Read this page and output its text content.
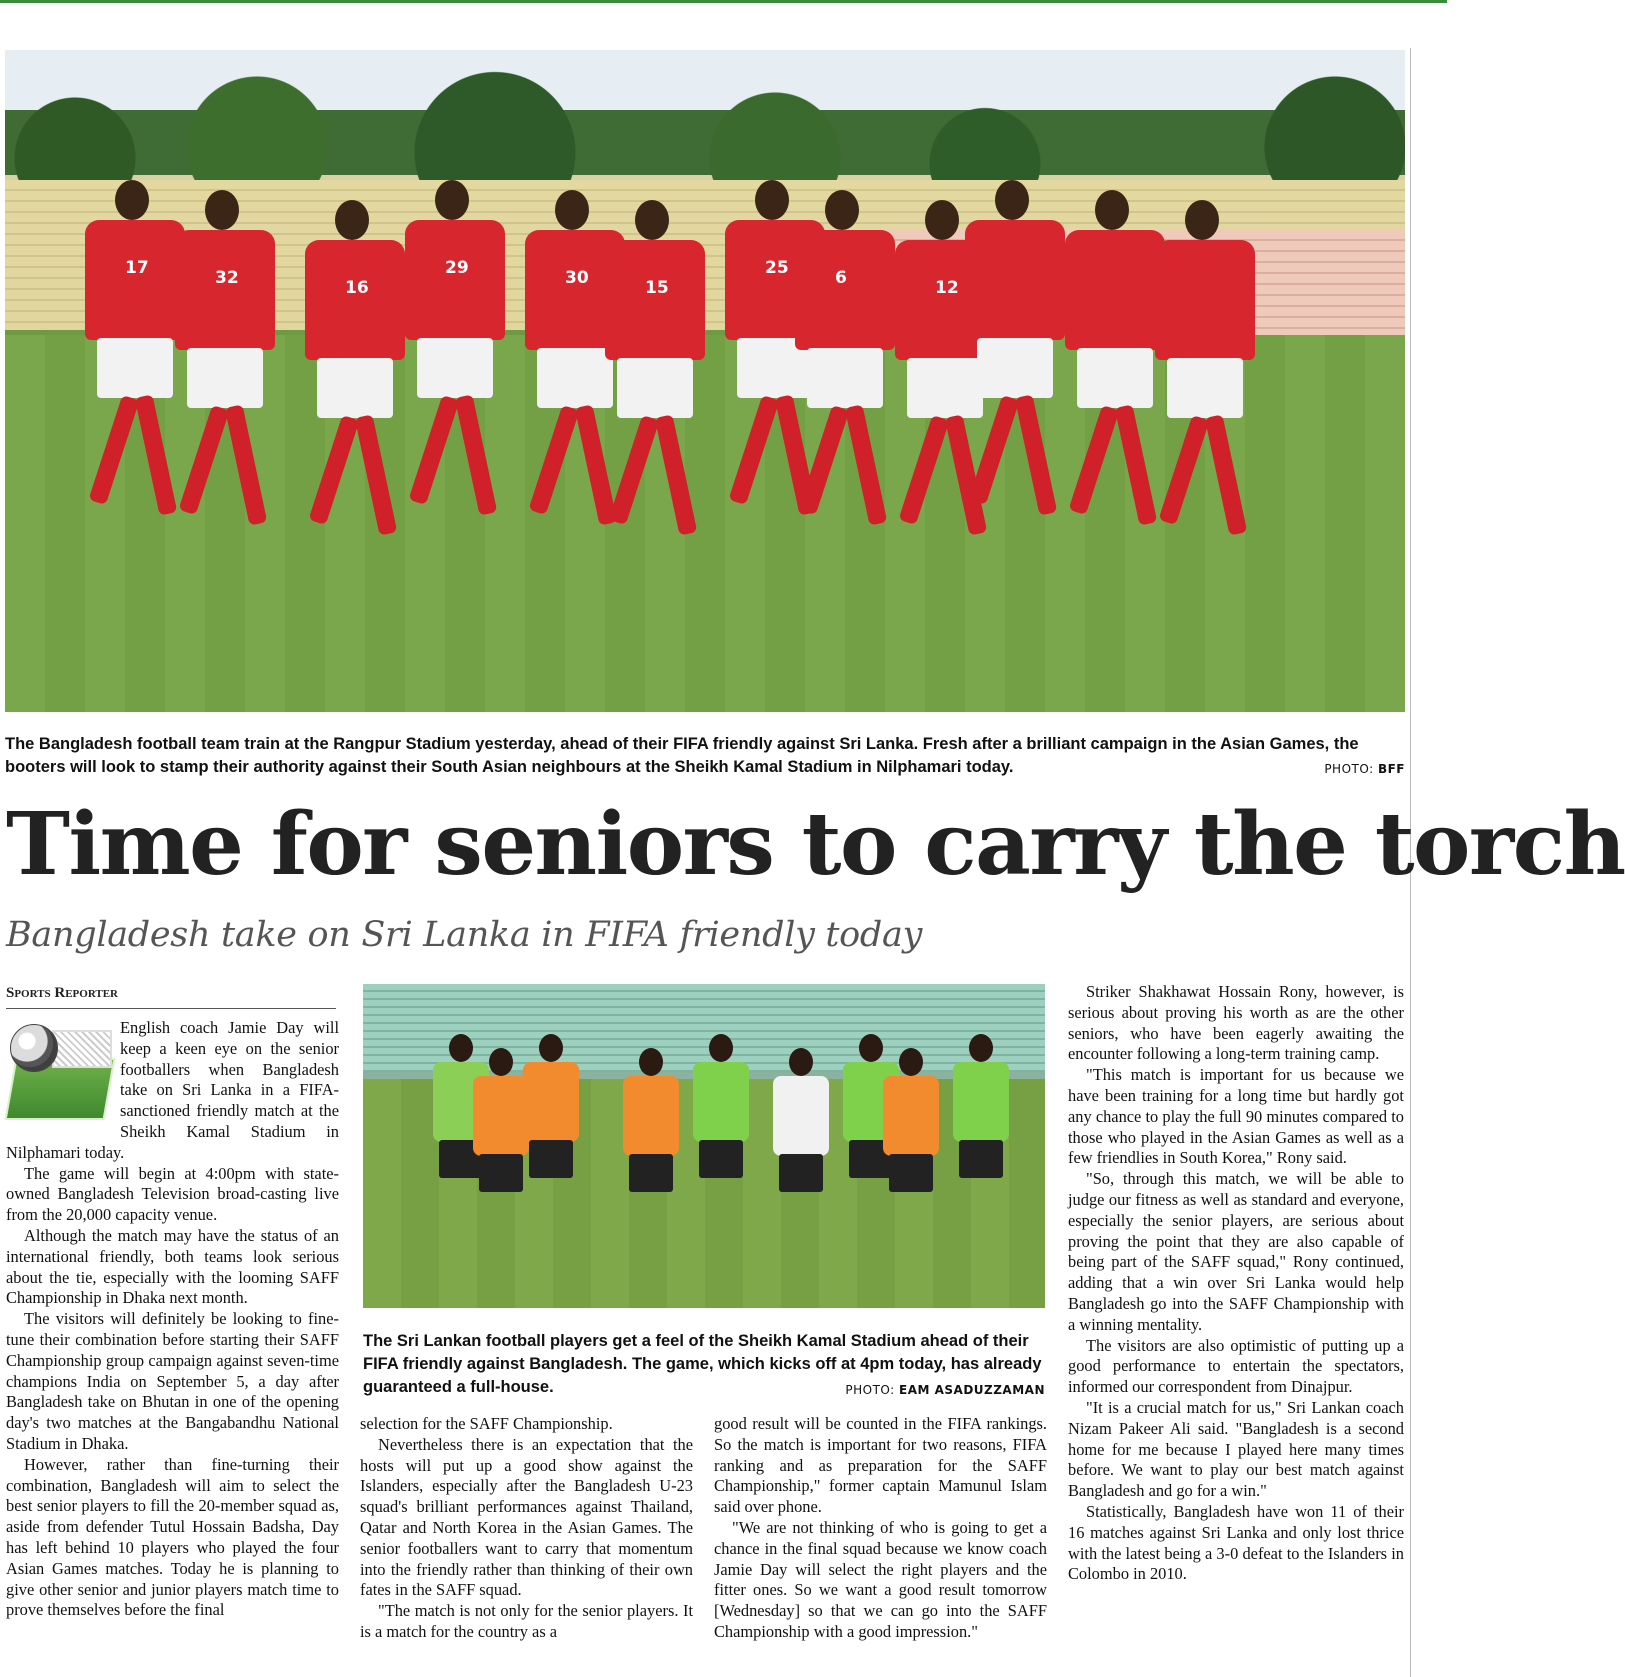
17	32	16
29	30	15
25	6	12
The Bangladesh football team train at the Rangpur Stadium yesterday, ahead of their FIFA friendly against Sri Lanka. Fresh after a brilliant campaign in the Asian Games, the booters will look to stamp their authority against their South Asian neighbours at the Sheikh Kamal Stadium in Nilphamari today.	PHOTO: BFF
Time for seniors to carry the torch
Bangladesh take on Sri Lanka in FIFA friendly today
Sports Reporter

English coach Jamie Day will keep a keen eye on the senior footballers when Bangladesh take on Sri Lanka in a FIFA-sanctioned friendly match at the Sheikh Kamal Stadium in Nilphamari today.

The game will begin at 4:00pm with state-owned Bangladesh Television broad-casting live from the 20,000 capacity venue.

Although the match may have the status of an international friendly, both teams look serious about the tie, especially with the looming SAFF Championship in Dhaka next month.

The visitors will definitely be looking to fine-tune their combination before starting their SAFF Championship group campaign against seven-time champions India on September 5, a day after Bangladesh take on Bhutan in one of the opening day's two matches at the Bangabandhu National Stadium in Dhaka.

However, rather than fine-turning their combination, Bangladesh will aim to select the best senior players to fill the 20-member squad as, aside from defender Tutul Hossain Badsha, Day has left behind 10 players who played the four Asian Games matches. Today he is planning to give other senior and junior players match time to prove themselves before the final

The Sri Lankan football players get a feel of the Sheikh Kamal Stadium ahead of their FIFA friendly against Bangladesh. The game, which kicks off at 4pm today, has already guaranteed a full-house.	PHOTO: EAM ASADUZZAMAN

selection for the SAFF Championship.

Nevertheless there is an expectation that the hosts will put up a good show against the Islanders, especially after the Bangladesh U-23 squad's brilliant performances against Thailand, Qatar and North Korea in the Asian Games. The senior footballers want to carry that momentum into the friendly rather than thinking of their own fates in the SAFF squad.

"The match is not only for the senior players. It is a match for the country as a

good result will be counted in the FIFA rankings. So the match is important for two reasons, FIFA ranking and as preparation for the SAFF Championship," former captain Mamunul Islam said over phone.

"We are not thinking of who is going to get a chance in the final squad because we know coach Jamie Day will select the right players and the fitter ones. So we want a good result tomorrow [Wednesday] so that we can go into the SAFF Championship with a good impression."

Striker Shakhawat Hossain Rony, however, is serious about proving his worth as are the other seniors, who have been eagerly awaiting the encounter following a long-term training camp.

"This match is important for us because we have been training for a long time but hardly got any chance to play the full 90 minutes compared to those who played in the Asian Games as well as a few friendlies in South Korea," Rony said.

"So, through this match, we will be able to judge our fitness as well as standard and everyone, especially the senior players, are serious about proving the point that they are also capable of being part of the SAFF squad," Rony continued, adding that a win over Sri Lanka would help Bangladesh go into the SAFF Championship with a winning mentality.

The visitors are also optimistic of putting up a good performance to entertain the spectators, informed our correspondent from Dinajpur.

"It is a crucial match for us," Sri Lankan coach Nizam Pakeer Ali said. "Bangladesh is a second home for me because I played here many times before. We want to play our best match against Bangladesh and go for a win."

Statistically, Bangladesh have won 11 of their 16 matches against Sri Lanka and only lost thrice with the latest being a 3-0 defeat to the Islanders in Colombo in 2010.
